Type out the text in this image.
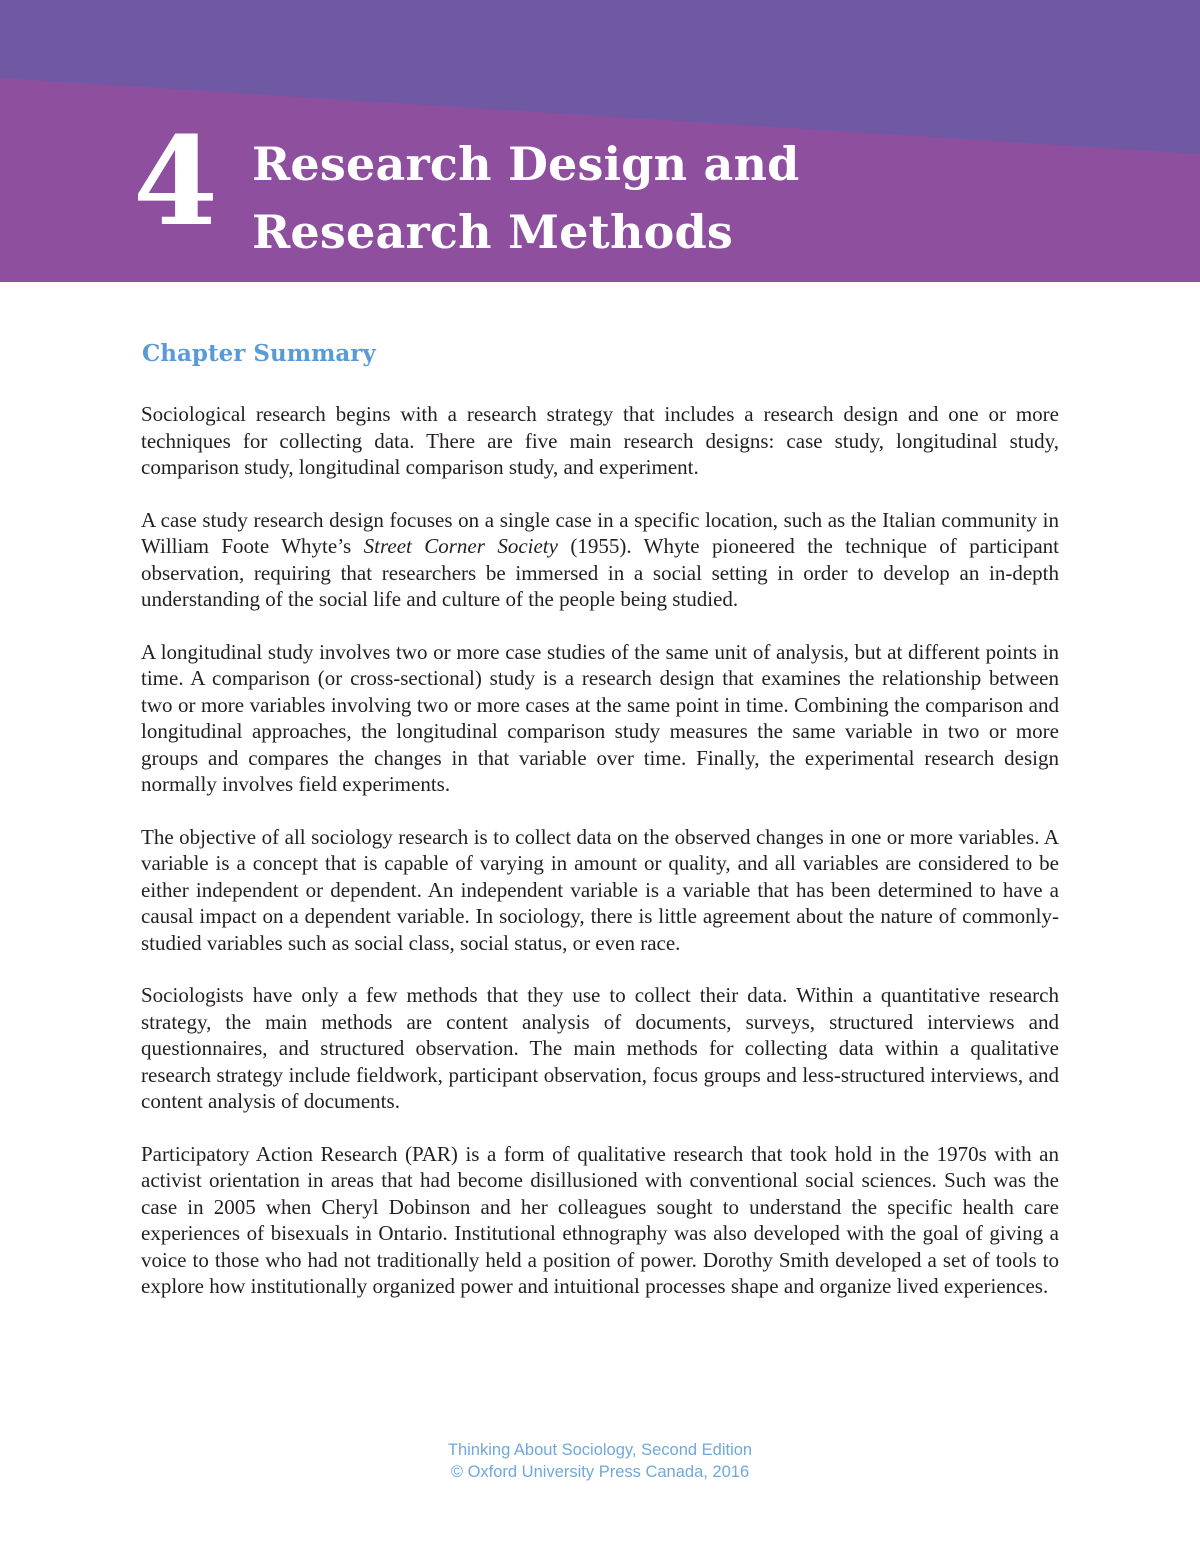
4 Research Design and
Research Methods
Chapter Summary

Sociological research begins with a research strategy that includes a research design and one or more techniques for collecting data. There are five main research designs: case study, longitudinal study, comparison study, longitudinal comparison study, and experiment.

A case study research design focuses on a single case in a specific location, such as the Italian community in William Foote Whyte’s Street Corner Society (1955). Whyte pioneered the technique of participant observation, requiring that researchers be immersed in a social setting in order to develop an in-depth understanding of the social life and culture of the people being studied.

A longitudinal study involves two or more case studies of the same unit of analysis, but at different points in time. A comparison (or cross-sectional) study is a research design that examines the relationship between two or more variables involving two or more cases at the same point in time. Combining the comparison and longitudinal approaches, the longitudinal comparison study measures the same variable in two or more groups and compares the changes in that variable over time. Finally, the experimental research design normally involves field experiments.

The objective of all sociology research is to collect data on the observed changes in one or more variables. A variable is a concept that is capable of varying in amount or quality, and all variables are considered to be either independent or dependent. An independent variable is a variable that has been determined to have a causal impact on a dependent variable. In sociology, there is little agreement about the nature of commonly-studied variables such as social class, social status, or even race.

Sociologists have only a few methods that they use to collect their data. Within a quantitative research strategy, the main methods are content analysis of documents, surveys, structured interviews and questionnaires, and structured observation. The main methods for collecting data within a qualitative research strategy include fieldwork, participant observation, focus groups and less-structured interviews, and content analysis of documents.

Participatory Action Research (PAR) is a form of qualitative research that took hold in the 1970s with an activist orientation in areas that had become disillusioned with conventional social sciences. Such was the case in 2005 when Cheryl Dobinson and her colleagues sought to understand the specific health care experiences of bisexuals in Ontario. Institutional ethnography was also developed with the goal of giving a voice to those who had not traditionally held a position of power. Dorothy Smith developed a set of tools to explore how institutionally organized power and intuitional processes shape and organize lived experiences.

Thinking About Sociology, Second Edition
© Oxford University Press Canada, 2016
